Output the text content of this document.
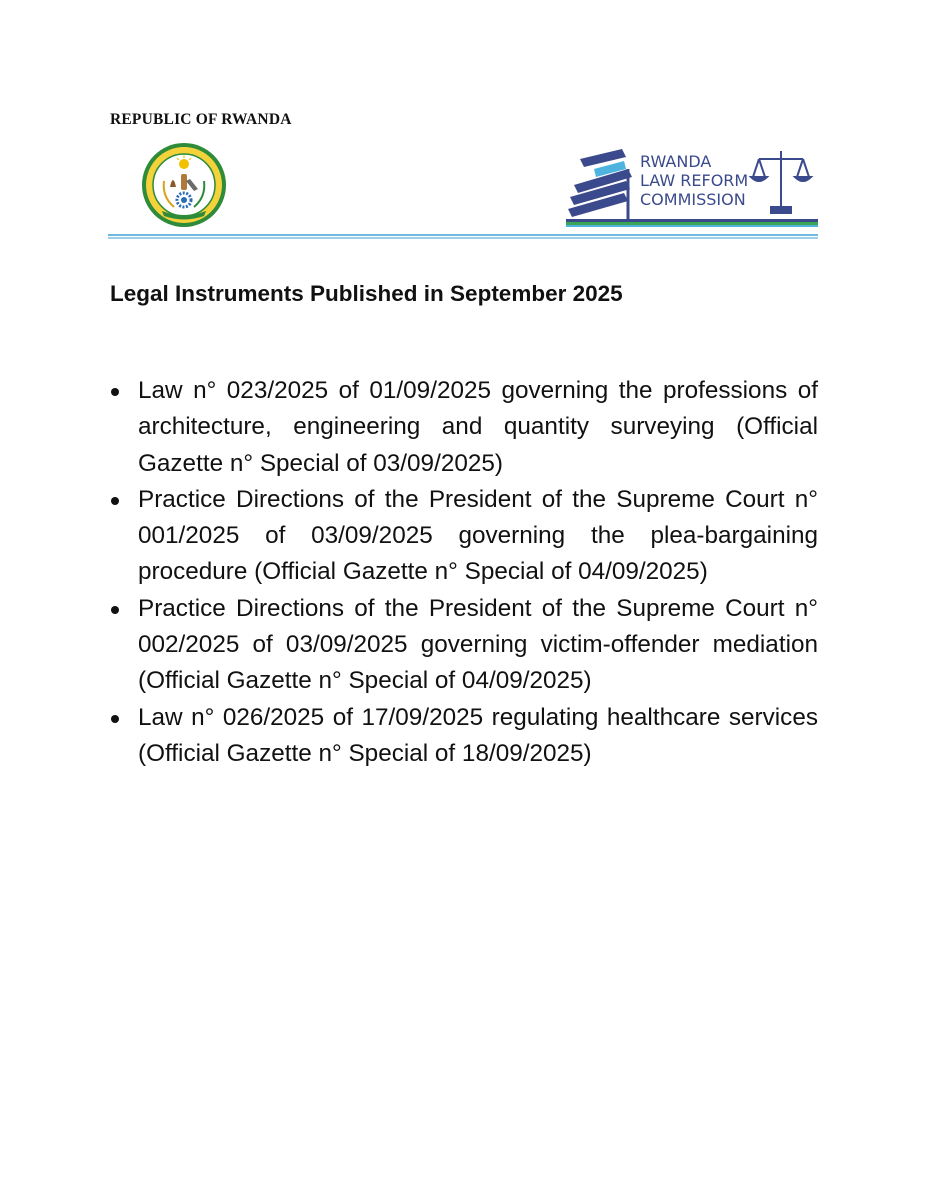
REPUBLIC OF RWANDA
RWANDA
LAW REFORM
COMMISSION
Legal Instruments Published in September 2025
Law n° 023/2025 of 01/09/2025 governing the professions of architecture, engineering and quantity surveying (Official Gazette n° Special of 03/09/2025)
Practice Directions of the President of the Supreme Court n° 001/2025 of 03/09/2025 governing the plea-bargaining procedure (Official Gazette n° Special of 04/09/2025)
Practice Directions of the President of the Supreme Court n° 002/2025 of 03/09/2025 governing victim-offender mediation (Official Gazette n° Special of 04/09/2025)
Law n° 026/2025 of 17/09/2025 regulating healthcare services (Official Gazette n° Special of 18/09/2025)
